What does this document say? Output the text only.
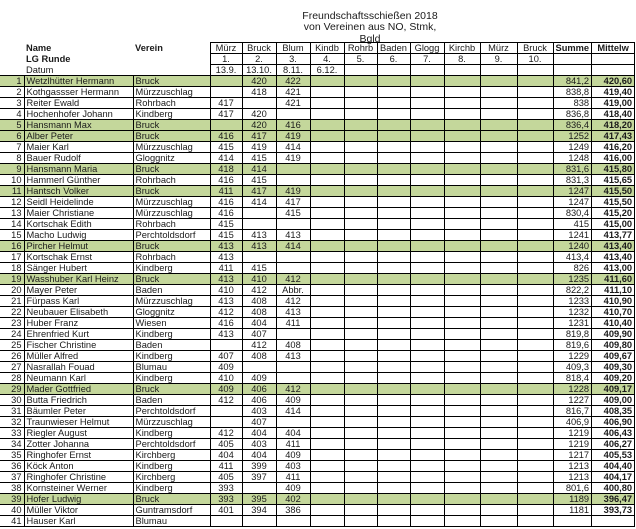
Freundschaftsschießen 2018
von Vereinen aus NO, Stmk, Bgld
	Name	Verein	Mürz	Bruck	Blum	Kindb	Rohrb	Baden	Glogg	Kirchb	Mürz	Bruck	Summe	Mittelw
	LG Runde		1.	2.	3.	4.	5.	6.	7.	8.	9.	10.		
	Datum		13.9.	13.10.	8.11.	6.12.								
1	Wetzlhütter Hermann	Bruck		420	422								841,2	420,60
2	Kothgassser Hermann	Mürzzuschlag		418	421								838,8	419,40
3	Reiter Ewald	Rohrbach	417		421								838	419,00
4	Hochenhofer Johann	Kindberg	417	420									836,8	418,40
5	Hansmann Max	Bruck		420	416								836,4	418,20
6	Alber Peter	Bruck	416	417	419								1252	417,43
7	Maier Karl	Mürzzuschlag	415	419	414								1249	416,20
8	Bauer Rudolf	Gloggnitz	414	415	419								1248	416,00
9	Hansmann Maria	Bruck	418	414									831,6	415,80
10	Hammerl Günther	Rohrbach	416	415									831,3	415,65
11	Hantsch Volker	Bruck	411	417	419								1247	415,50
12	Seidl Heidelinde	Mürzzuschlag	416	414	417								1247	415,50
13	Maier Christiane	Mürzzuschlag	416		415								830,4	415,20
14	Kortschak Edith	Rohrbach	415										415	415,00
15	Macho Ludwig	Perchtoldsdorf	415	413	413								1241	413,77
16	Pircher Helmut	Bruck	413	413	414								1240	413,40
17	Kortschak Ernst	Rohrbach	413										413,4	413,40
18	Sänger Hubert	Kindberg	411	415									826	413,00
19	Wasshuber Karl Heinz	Bruck	413	410	412								1235	411,60
20	Mayer Peter	Baden	410	412	Abbr.								822,2	411,10
21	Fürpass Karl	Mürzzuschlag	413	408	412								1233	410,90
22	Neubauer Elisabeth	Gloggnitz	412	408	413								1232	410,70
23	Huber Franz	Wiesen	416	404	411								1231	410,40
24	Ehrenfried Kurt	Kindberg	413	407									819,8	409,90
25	Fischer Christine	Baden		412	408								819,6	409,80
26	Müller Alfred	Kindberg	407	408	413								1229	409,67
27	Nasrallah Fouad	Blumau	409										409,3	409,30
28	Neumann Karl	Kindberg	410	409									818,4	409,20
29	Mader Gottfried	Bruck	409	406	412								1228	409,17
30	Butta Friedrich	Baden	412	406	409								1227	409,00
31	Bäumler Peter	Perchtoldsdorf		403	414								816,7	408,35
32	Traunwieser Helmut	Mürzzuschlag		407									406,9	406,90
33	Riegler August	Kindberg	412	404	404								1219	406,43
34	Zotter Johanna	Perchtoldsdorf	405	403	411								1219	406,27
35	Ringhofer Ernst	Kirchberg	404	404	409								1217	405,53
36	Köck Anton	Kindberg	411	399	403								1213	404,40
37	Ringhofer Christine	Kirchberg	405	397	411								1213	404,17
38	Kornsteiner Werner	Kindberg	393		409								801,6	400,80
39	Hofer Ludwig	Bruck	393	395	402								1189	396,47
40	Müller Viktor	Guntramsdorf	401	394	386								1181	393,73
41	Hauser Karl	Blumau												
